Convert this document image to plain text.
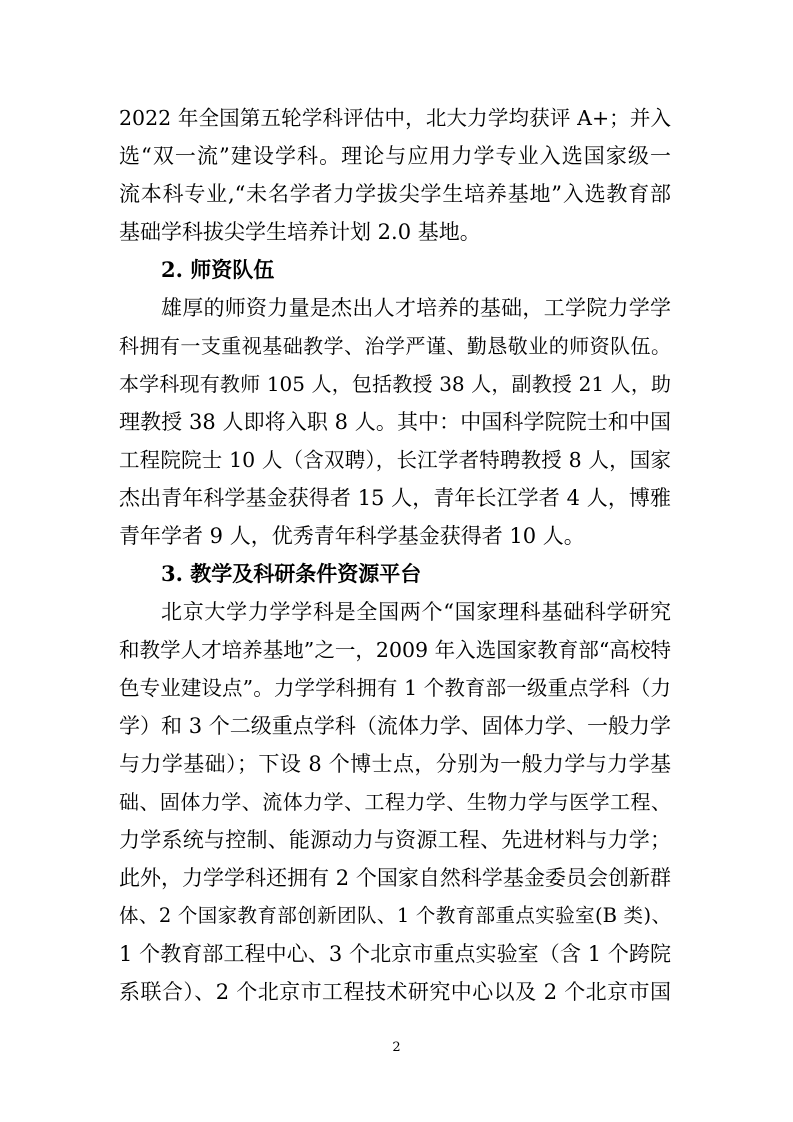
2022 年全国第五轮学科评估中，北大力学均获评 A+；并入
选“双一流”建设学科。理论与应用力学专业入选国家级一
流本科专业,“未名学者力学拔尖学生培养基地”入选教育部
基础学科拔尖学生培养计划 2.0 基地。
2. 师资队伍
雄厚的师资力量是杰出人才培养的基础，工学院力学学
科拥有一支重视基础教学、治学严谨、勤恳敬业的师资队伍。
本学科现有教师 105 人，包括教授 38 人，副教授 21 人，助
理教授 38 人即将入职 8 人。其中：中国科学院院士和中国
工程院院士 10 人（含双聘），长江学者特聘教授 8 人，国家
杰出青年科学基金获得者 15 人，青年长江学者 4 人，博雅
青年学者 9 人，优秀青年科学基金获得者 10 人。
3. 教学及科研条件资源平台
北京大学力学学科是全国两个“国家理科基础科学研究
和教学人才培养基地”之一，2009 年入选国家教育部“高校特
色专业建设点”。力学学科拥有 1 个教育部一级重点学科（力
学）和 3 个二级重点学科（流体力学、固体力学、一般力学
与力学基础）；下设 8 个博士点，分别为一般力学与力学基
础、固体力学、流体力学、工程力学、生物力学与医学工程、
力学系统与控制、能源动力与资源工程、先进材料与力学；
此外，力学学科还拥有 2 个国家自然科学基金委员会创新群
体、2 个国家教育部创新团队、1 个教育部重点实验室(B 类)、
1 个教育部工程中心、3 个北京市重点实验室（含 1 个跨院
系联合）、2 个北京市工程技术研究中心以及 2 个北京市国
2
